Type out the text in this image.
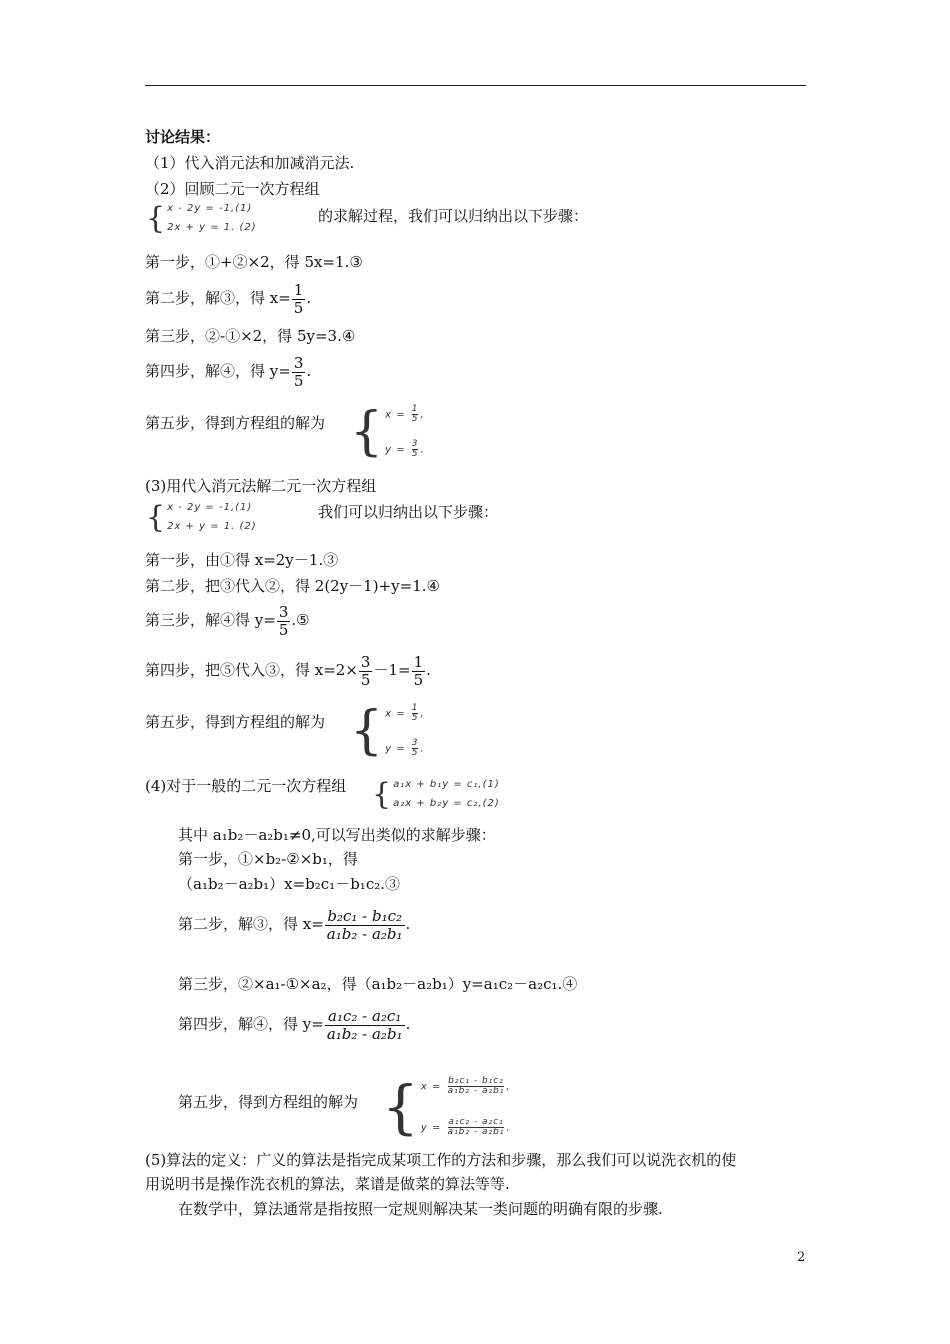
讨论结果：
（1）代入消元法和加减消元法.
（2）回顾二元一次方程组
{ x - 2y = -1,(1)
2x + y = 1. (2)
的求解过程，我们可以归纳出以下步骤：
第一步，①+②×2，得 5x=1.③
第二步，解③，得 $x= \frac{1}{5}$ .
第三步，②-①×2，得 5y=3.④
第四步，解④，得 $y= \frac{3}{5}$ .
第五步，得到方程组的解为 { $x = \frac{1}{5}$ ,
$y = \frac{3}{5}$ .
(3)用代入消元法解二元一次方程组
{ x - 2y = -1,(1)
2x + y = 1. (2)
我们可以归纳出以下步骤：
第一步，由①得 x=2y－1.③
第二步，把③代入②，得 2(2y－1)+y=1.④
第三步，解④得 $y= \frac{3}{5}$ .⑤
第四步，把⑤代入③，得 $x=2\times \frac{3}{5} -1= \frac{1}{5}$ .
第五步，得到方程组的解为 { $x = \frac{1}{5}$ ,
$y = \frac{3}{5}$ .
(4)对于一般的二元一次方程组 { a₁x + b₁y = c₁,(1)
a₂x + b₂y = c₂,(2)
其中 a₁b₂－a₂b₁≠0,可以写出类似的求解步骤：
第一步，①×b₂-②×b₁，得
（a₁b₂－a₂b₁）x=b₂c₁－b₁c₂.③
第二步，解③，得 $x= \frac{\text{b₂c₁ - b₁c₂}}{\text{a₁b₂ - a₂b₁}}$ .
第三步，②×a₁-①×a₂，得（a₁b₂－a₂b₁）y=a₁c₂－a₂c₁.④
第四步，解④，得 $y= \frac{\text{a₁c₂ - a₂c₁}}{\text{a₁b₂ - a₂b₁}}$ .
第五步，得到方程组的解为 { $x = \frac{\text{b₂c₁ - b₁c₂}}{\text{a₁b₂ - a₂b₁}}$ ,
$y = \frac{\text{a₁c₂ - a₂c₁}}{\text{a₁b₂ - a₂b₁}}$ .
(5)算法的定义：广义的算法是指完成某项工作的方法和步骤，那么我们可以说洗衣机的使
用说明书是操作洗衣机的算法，菜谱是做菜的算法等等.
在数学中，算法通常是指按照一定规则解决某一类问题的明确有限的步骤.
2
